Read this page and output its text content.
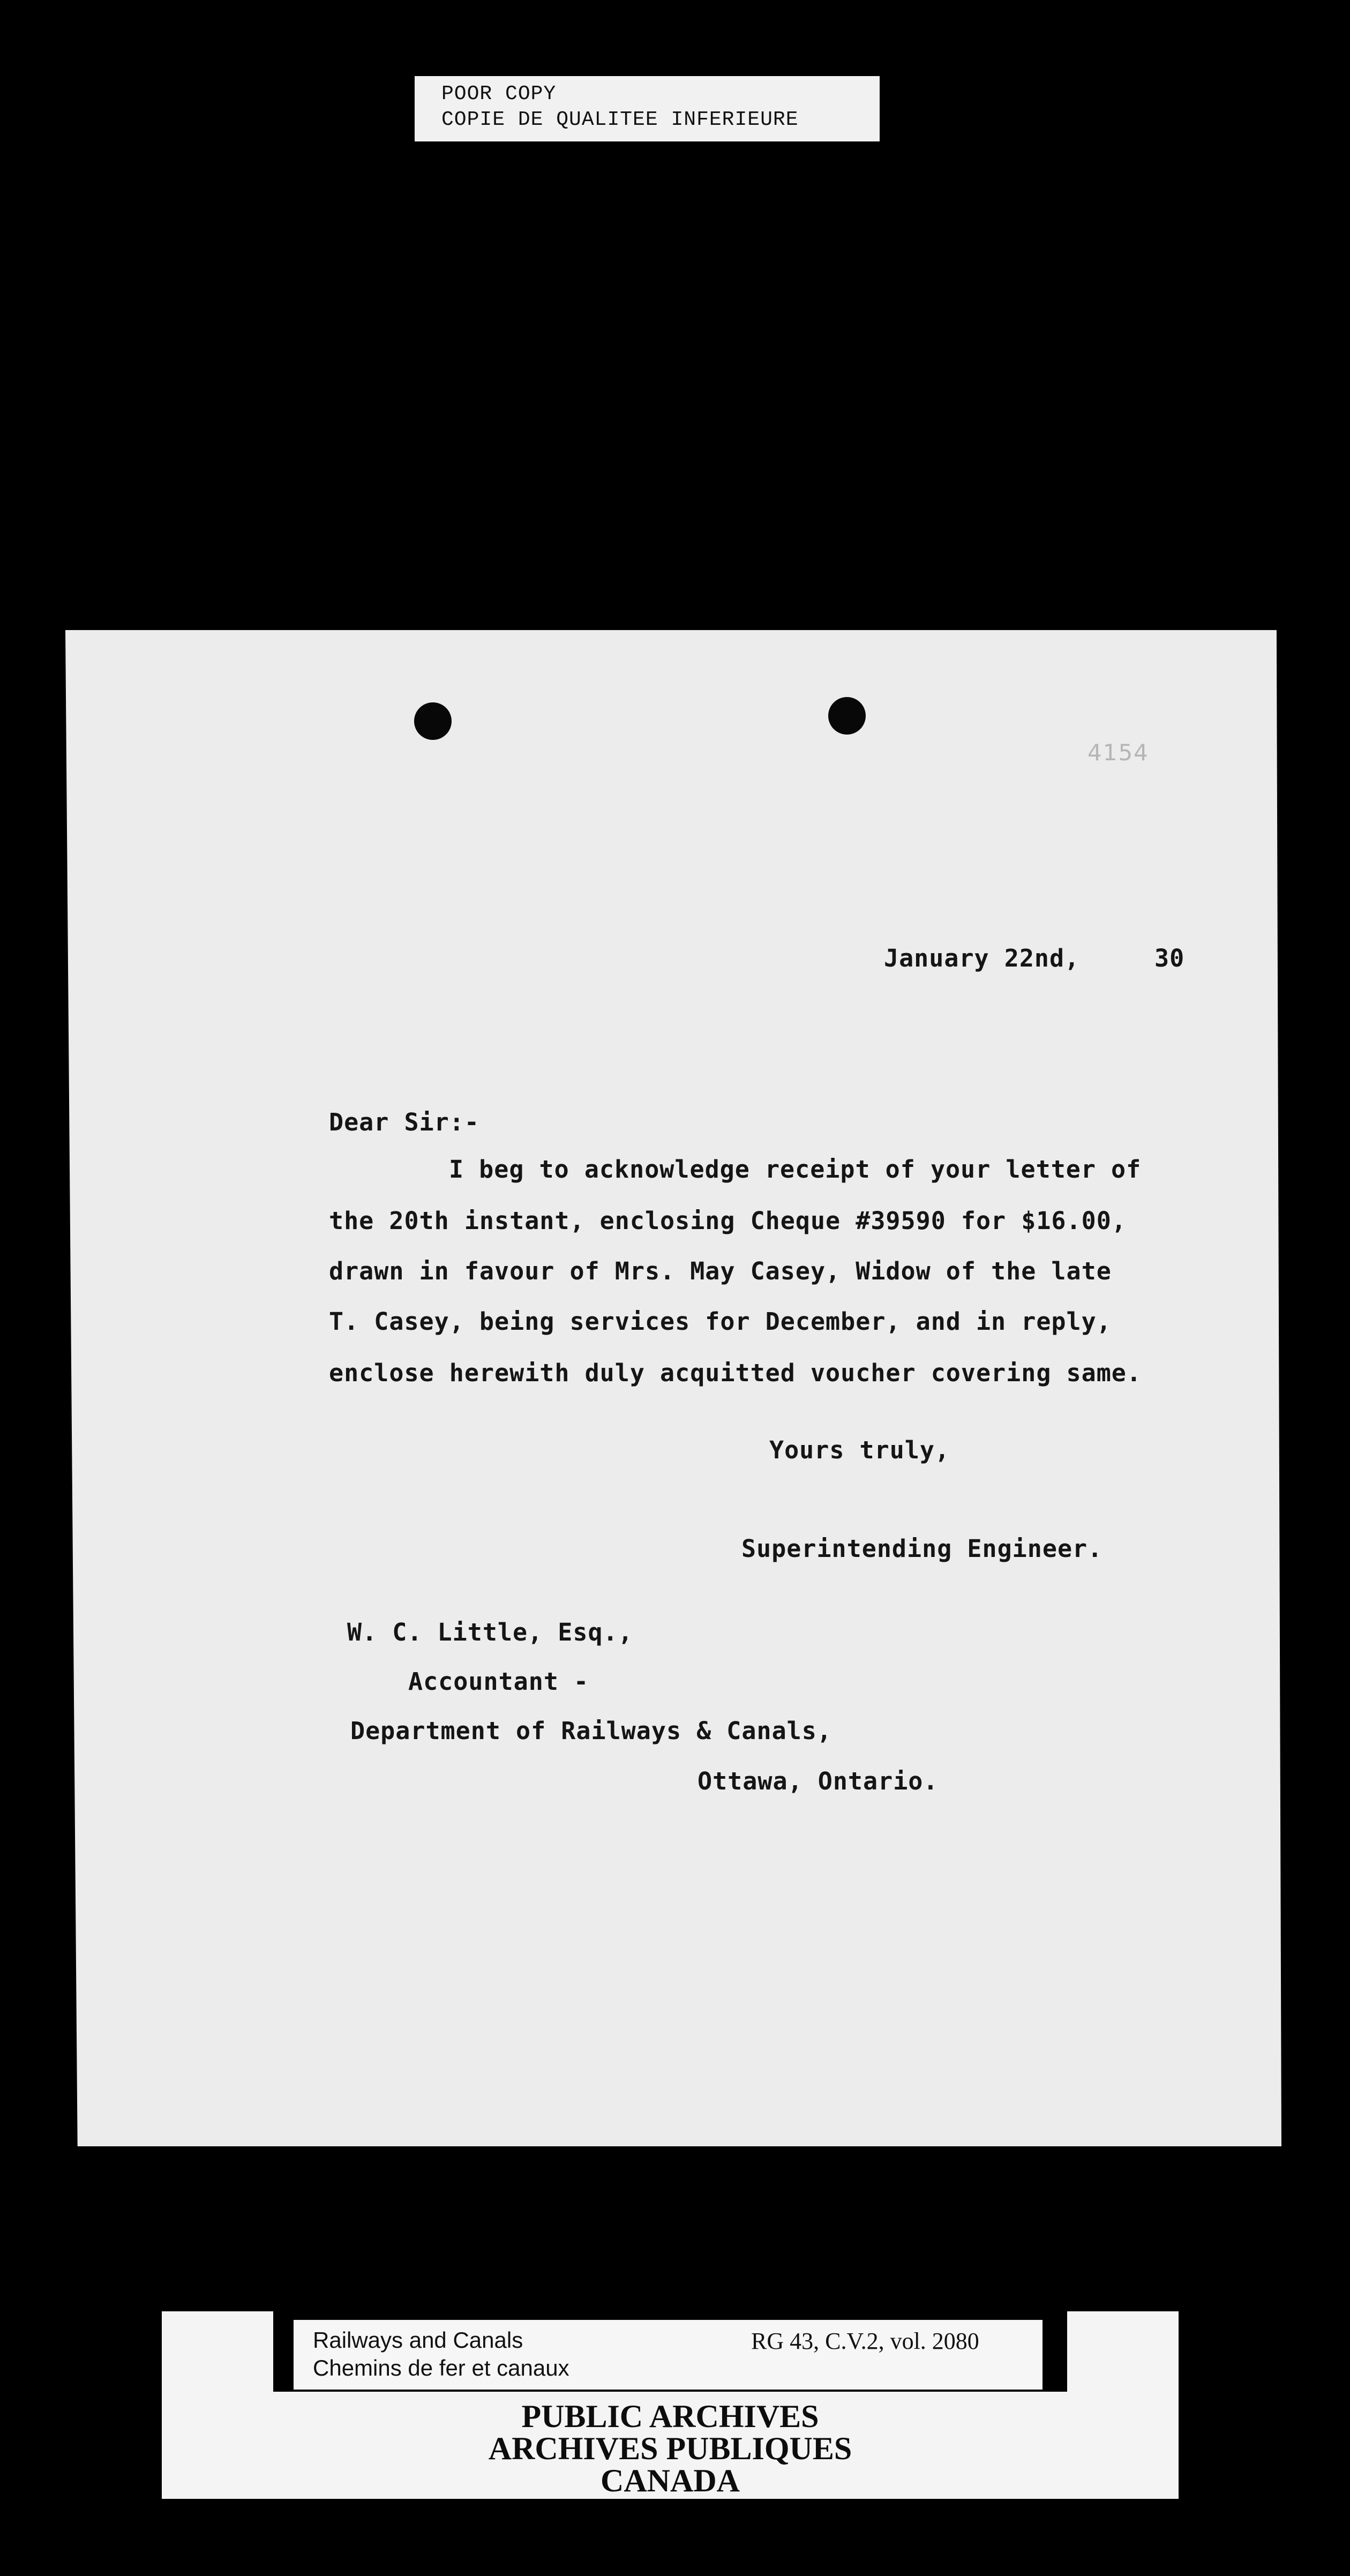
POOR COPY
COPIE DE QUALITEE INFERIEURE
4154
January 22nd,	30
Dear Sir:-
I beg to acknowledge receipt of your letter of
the 20th instant, enclosing Cheque #39590 for $16.00,
drawn in favour of Mrs. May Casey, Widow of the late
T. Casey, being services for December, and in reply,
enclose herewith duly acquitted voucher covering same.
Yours truly,
Superintending Engineer.
W. C. Little, Esq.,
Accountant -
Department of Railways & Canals,
Ottawa, Ontario.
Railways and Canals
Chemins de fer et canaux
RG 43, C.V.2, vol. 2080
PUBLIC ARCHIVES
ARCHIVES PUBLIQUES
CANADA
